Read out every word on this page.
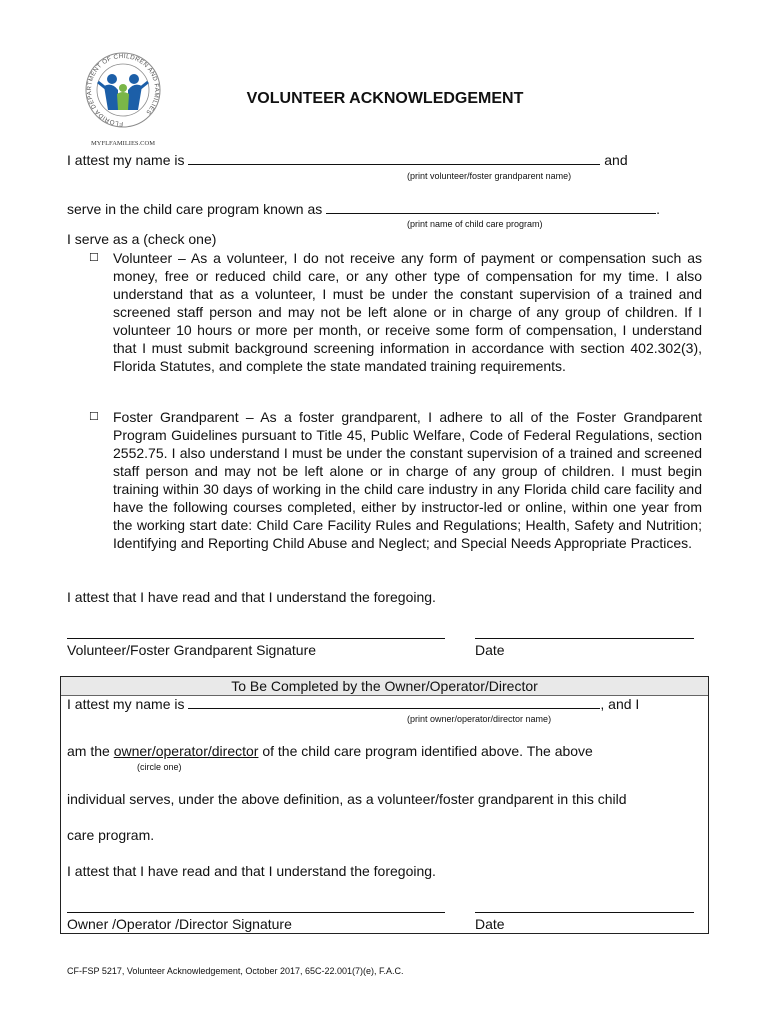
FLORIDA DEPARTMENT OF CHILDREN AND FAMILIES
MYFLFAMILIES.COM
VOLUNTEER ACKNOWLEDGEMENT
I attest my name is	and
(print volunteer/foster grandparent name)
serve in the child care program known as	.
(print name of child care program)
I serve as a (check one)
☐ Volunteer – As a volunteer, I do not receive any form of payment or compensation such as money, free or reduced child care, or any other type of compensation for my time. I also understand that as a volunteer, I must be under the constant supervision of a trained and screened staff person and may not be left alone or in charge of any group of children. If I volunteer 10 hours or more per month, or receive some form of compensation, I understand that I must submit background screening information in accordance with section 402.302(3), Florida Statutes, and complete the state mandated training requirements.
☐ Foster Grandparent – As a foster grandparent, I adhere to all of the Foster Grandparent Program Guidelines pursuant to Title 45, Public Welfare, Code of Federal Regulations, section 2552.75. I also understand I must be under the constant supervision of a trained and screened staff person and may not be left alone or in charge of any group of children. I must begin training within 30 days of working in the child care industry in any Florida child care facility and have the following courses completed, either by instructor-led or online, within one year from the working start date: Child Care Facility Rules and Regulations; Health, Safety and Nutrition; Identifying and Reporting Child Abuse and Neglect; and Special Needs Appropriate Practices.
I attest that I have read and that I understand the foregoing.
Volunteer/Foster Grandparent Signature	Date
To Be Completed by the Owner/Operator/Director
I attest my name is	, and I
(print owner/operator/director name)
am the owner/operator/director of the child care program identified above. The above
(circle one)
individual serves, under the above definition, as a volunteer/foster grandparent in this child
care program.
I attest that I have read and that I understand the foregoing.
Owner /Operator /Director Signature	Date
CF-FSP 5217, Volunteer Acknowledgement, October 2017, 65C-22.001(7)(e), F.A.C.
